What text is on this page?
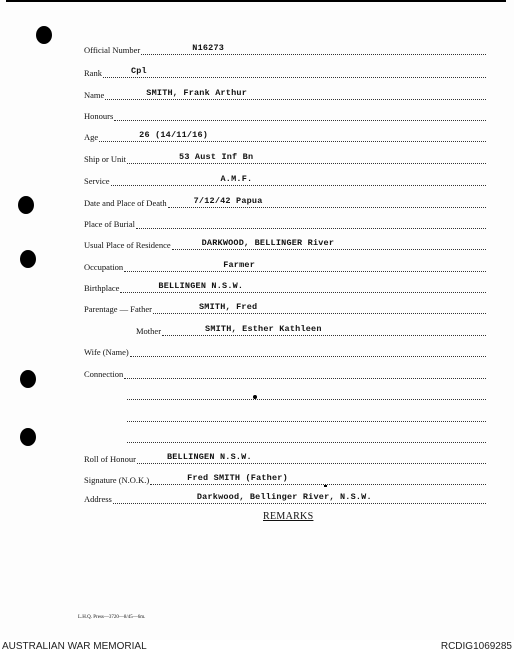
Official Number	N16273
Rank	Cpl
Name	SMITH, Frank Arthur
Honours
Age	26 (14/11/16)
Ship or Unit	53 Aust Inf Bn
Service	A.M.F.
Date and Place of Death	7/12/42 Papua
Place of Burial
Usual Place of Residence	DARKWOOD, BELLINGER River
Occupation	Farmer
Birthplace	BELLINGEN N.S.W.
Parentage — Father	SMITH, Fred
Mother	SMITH, Esther Kathleen
Wife (Name)
Connection
Roll of Honour	BELLINGEN N.S.W.
Signature (N.O.K.)	Fred SMITH (Father)
Address	Darkwood, Bellinger River, N.S.W.
REMARKS
L.H.Q. Press—3720—8/45—6m.
AUSTRALIAN WAR MEMORIAL	RCDIG1069285
